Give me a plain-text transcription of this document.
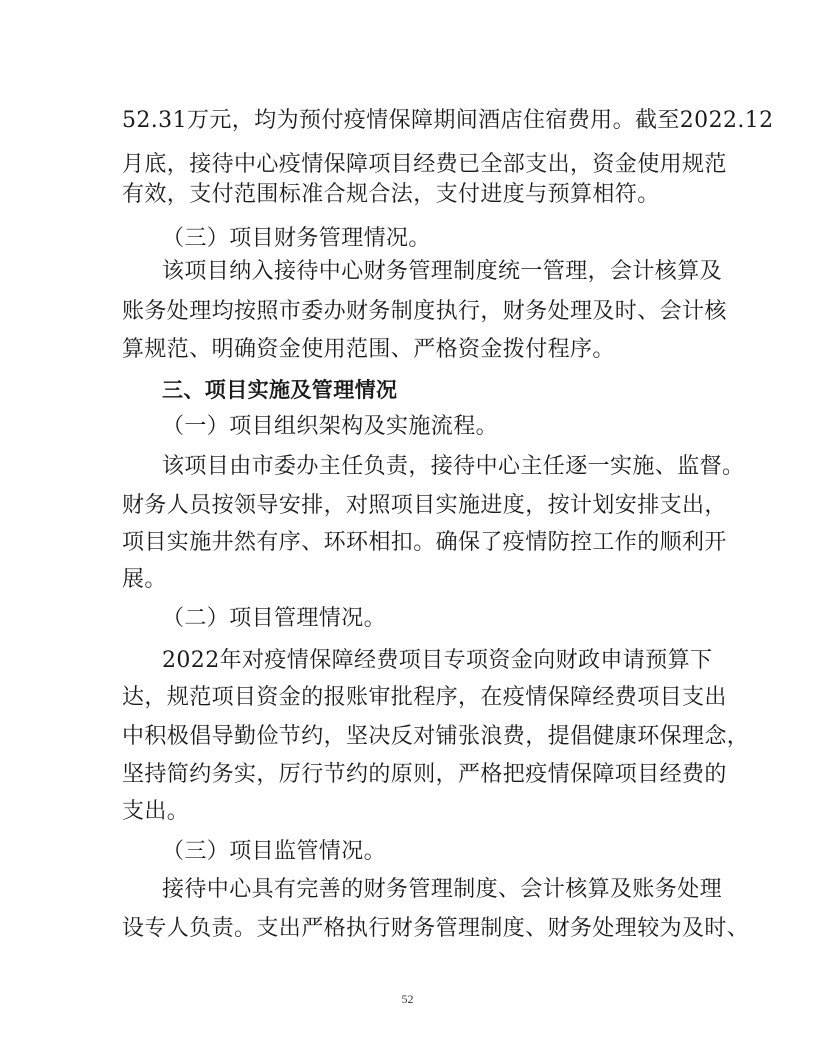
52.31万元，均为预付疫情保障期间酒店住宿费用。截至2022.12
月底，接待中心疫情保障项目经费已全部支出，资金使用规范
有效，支付范围标准合规合法，支付进度与预算相符。
（三）项目财务管理情况。
该项目纳入接待中心财务管理制度统一管理，会计核算及
账务处理均按照市委办财务制度执行，财务处理及时、会计核
算规范、明确资金使用范围、严格资金拨付程序。
三、项目实施及管理情况
（一）项目组织架构及实施流程。
该项目由市委办主任负责，接待中心主任逐一实施、监督。
财务人员按领导安排，对照项目实施进度，按计划安排支出，
项目实施井然有序、环环相扣。确保了疫情防控工作的顺利开
展。
（二）项目管理情况。
2022年对疫情保障经费项目专项资金向财政申请预算下
达，规范项目资金的报账审批程序，在疫情保障经费项目支出
中积极倡导勤俭节约，坚决反对铺张浪费，提倡健康环保理念，
坚持简约务实，厉行节约的原则，严格把疫情保障项目经费的
支出。
（三）项目监管情况。
接待中心具有完善的财务管理制度、会计核算及账务处理
设专人负责。支出严格执行财务管理制度、财务处理较为及时、
52
